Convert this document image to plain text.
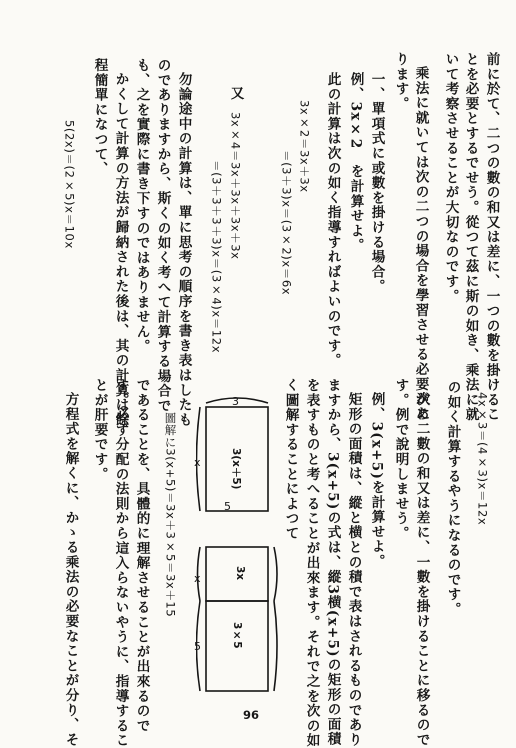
前に於て、二つの數の和又は差に、一つの數を掛けるこ
とを必要とするでせう。從つて茲に斯の如き、乘法に就
いて考察させることが大切なのです。
乘法に就いては次の二つの場合を學習させる必要があ
ります。
一、單項式に或數を掛ける場合。
例、3x×2　を計算せよ。
此の計算は次の如く指導すればよいのです。
3x×2＝3x＋3x
＝(3＋3)x＝(3×2)x＝6x
又
3x×4＝3x＋3x＋3x＋3x
＝(3＋3＋3＋3)x＝(3×4)x＝12x
勿論途中の計算は、單に思考の順序を書き表はしたも
のでありますから、斯くの如く考へて計算する場合で
も、之を實際に書き下すのではありません。
かくして計算の方法が歸納された後は、其の計算は餘
程簡單になつて、
5(2x)＝(2×5)x＝10x
4x×3＝(4×3)x＝12x
の如く計算するやうになるのです。
次に二數の和又は差に、一數を掛けることに移るので
す。例で說明しませう。
例、3(x+5)を計算せよ。
矩形の面積は、縱と横との積で表はされるものであり
ますから、3(x+5)の式は、縱3横(x+5)の矩形の面積
を表すものと考へることが出來ます。それで之を次の如
く圖解することによつて
3(x＋5)
3x
3×5
3
x
x
5
5
圖解に3(x+5)＝3x＋3×5＝3x＋15
であることを、具體的に理解させることが出來るので
す。必ず分配の法則から這入らないやうに、指導するこ
とが肝要です。
方程式を解くに、かゝる乘法の必要なことが分り、そ	96
